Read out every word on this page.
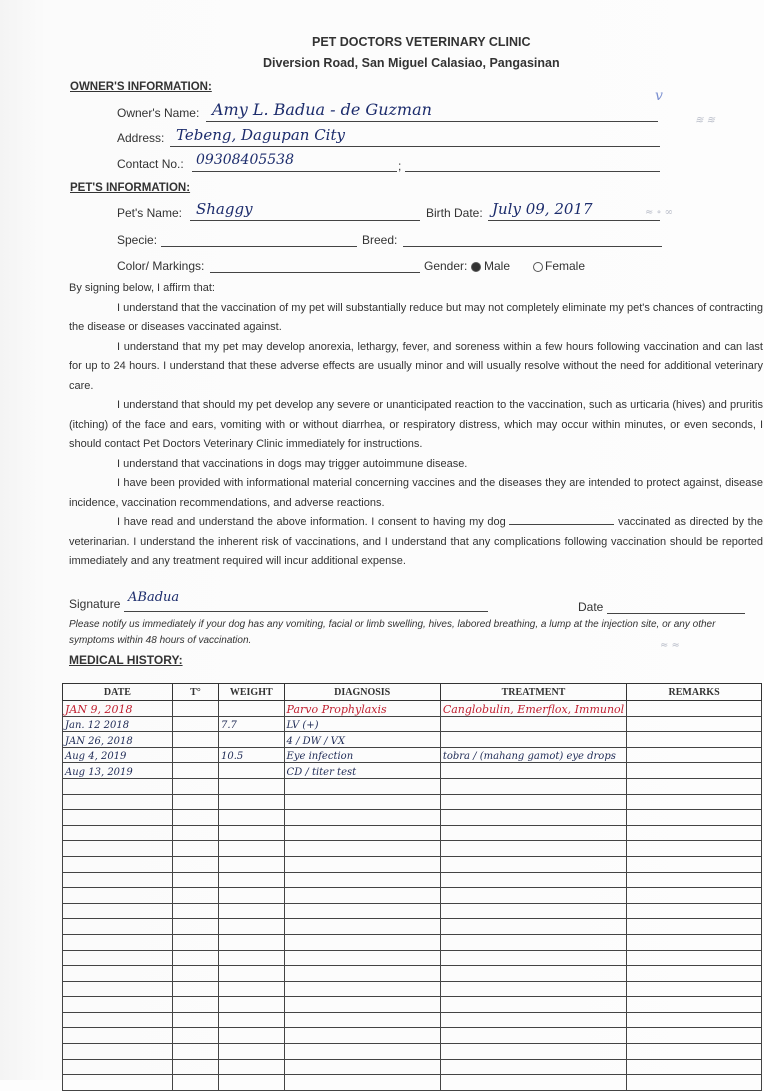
PET DOCTORS VETERINARY CLINIC
Diversion Road, San Miguel Calasiao, Pangasinan
OWNER'S INFORMATION:
Owner's Name: Amy L. Badua - de Guzman
Address: Tebeng, Dagupan City
Contact No.:	;
09308405538
PET'S INFORMATION:
Pet's Name: Shaggy	Birth Date: July 09, 2017
Specie:	Breed:
Color/ Markings:	Gender: Male	Female

By signing below, I affirm that:

I understand that the vaccination of my pet will substantially reduce but may not completely eliminate my pet's chances of contracting the disease or diseases vaccinated against.

I understand that my pet may develop anorexia, lethargy, fever, and soreness within a few hours following vaccination and can last for up to 24 hours. I understand that these adverse effects are usually minor and will usually resolve without the need for additional veterinary care.

I understand that should my pet develop any severe or unanticipated reaction to the vaccination, such as urticaria (hives) and pruritis (itching) of the face and ears, vomiting with or without diarrhea, or respiratory distress, which may occur within minutes, or even seconds, I should contact Pet Doctors Veterinary Clinic immediately for instructions.

I understand that vaccinations in dogs may trigger autoimmune disease.

I have been provided with informational material concerning vaccines and the diseases they are intended to protect against, disease incidence, vaccination recommendations, and adverse reactions.

I have read and understand the above information. I consent to having my dog	vaccinated as directed by the veterinarian. I understand the inherent risk of vaccinations, and I understand that any complications following vaccination should be reported immediately and any treatment required will incur additional expense.

Signature ABadua
Date
Please notify us immediately if your dog has any vomiting, facial or limb swelling, hives, labored breathing, a lump at the injection site, or any other symptoms within 48 hours of vaccination.
MEDICAL HISTORY:
DATE	T°	WEIGHT	DIAGNOSIS	TREATMENT	REMARKS
JAN 9, 2018			Parvo Prophylaxis	Canglobulin, Emerflox, Immunol	
Jan. 12 2018		7.7	LV (+)		
JAN 26, 2018			4 / DW / VX		
Aug 4, 2019		10.5	Eye infection	tobra / (mahang gamot) eye drops	
Aug 13, 2019			CD / titer test		

v
≋ ≋
≈ ∘ ∞
≈ ≈
